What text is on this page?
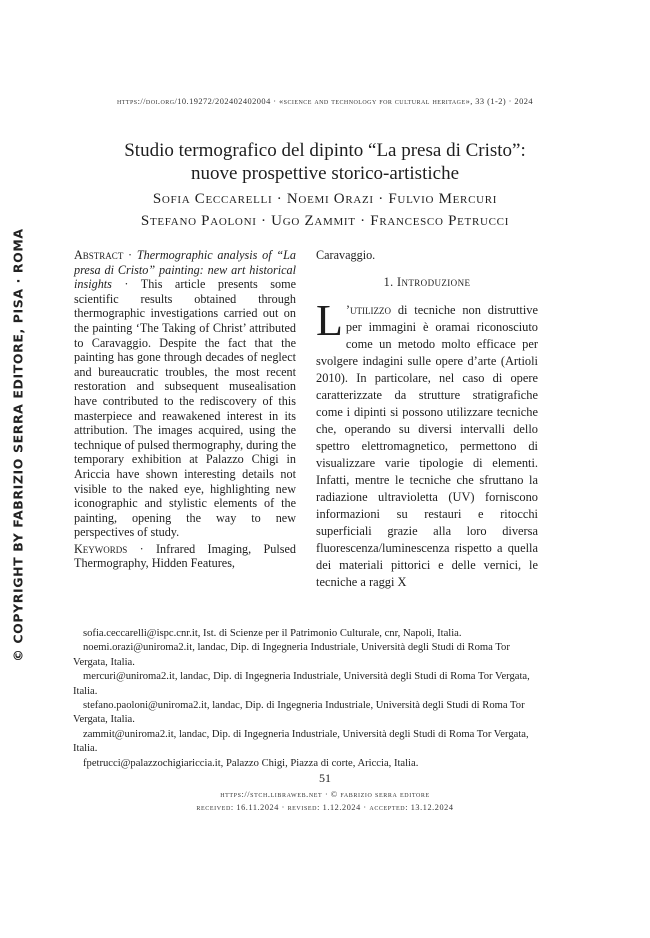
© COPYRIGHT BY FABRIZIO SERRA EDITORE, PISA · ROMA
https://doi.org/10.19272/202402402004 · «science and technology for cultural heritage», 33 (1-2) · 2024
Studio termografico del dipinto “La presa di Cristo”:
nuove prospettive storico-artistiche
Sofia Ceccarelli · Noemi Orazi · Fulvio Mercuri
Stefano Paoloni · Ugo Zammit · Francesco Petrucci

Abstract · Thermographic analysis of “La presa di Cristo” painting: new art historical insights · This article presents some scientific results obtained through thermographic investigations carried out on the painting ‘The Taking of Christ’ attributed to Caravaggio. Despite the fact that the painting has gone through decades of neglect and bureaucratic troubles, the most recent restoration and subsequent musealisation have contributed to the rediscovery of this masterpiece and reawakened interest in its attribution. The images acquired, using the technique of pulsed thermography, during the temporary exhibition at Palazzo Chigi in Ariccia have shown interesting details not visible to the naked eye, highlighting new iconographic and stylistic elements of the painting, opening the way to new perspectives of study.

Keywords · Infrared Imaging, Pulsed Thermography, Hidden Features,

Caravaggio.

1. Introduzione

L ’utilizzo di tecniche non distruttive per immagini è oramai riconosciuto come un metodo molto efficace per svolgere indagini sulle opere d’arte (Artioli 2010). In particolare, nel caso di opere caratterizzate da strutture stratigrafiche come i dipinti si possono utilizzare tecniche che, operando su diversi intervalli dello spettro elettromagnetico, permettono di visualizzare varie tipologie di elementi. Infatti, mentre le tecniche che sfruttano la radiazione ultravioletta (UV) forniscono informazioni su restauri e ritocchi superficiali grazie alla loro diversa fluorescenza/luminescenza rispetto a quella dei materiali pittorici e delle vernici, le tecniche a raggi X

sofia.ceccarelli@ispc.cnr.it, Ist. di Scienze per il Patrimonio Culturale, cnr, Napoli, Italia.

noemi.orazi@uniroma2.it, landac, Dip. di Ingegneria Industriale, Università degli Studi di Roma Tor Vergata, Italia.

mercuri@uniroma2.it, landac, Dip. di Ingegneria Industriale, Università degli Studi di Roma Tor Vergata, Italia.

stefano.paoloni@uniroma2.it, landac, Dip. di Ingegneria Industriale, Università degli Studi di Roma Tor Vergata, Italia.

zammit@uniroma2.it, landac, Dip. di Ingegneria Industriale, Università degli Studi di Roma Tor Vergata, Italia.

fpetrucci@palazzochigiariccia.it, Palazzo Chigi, Piazza di corte, Ariccia, Italia.

51
https://stch.libraweb.net · © fabrizio serra editore
received: 16.11.2024 · revised: 1.12.2024 · accepted: 13.12.2024
